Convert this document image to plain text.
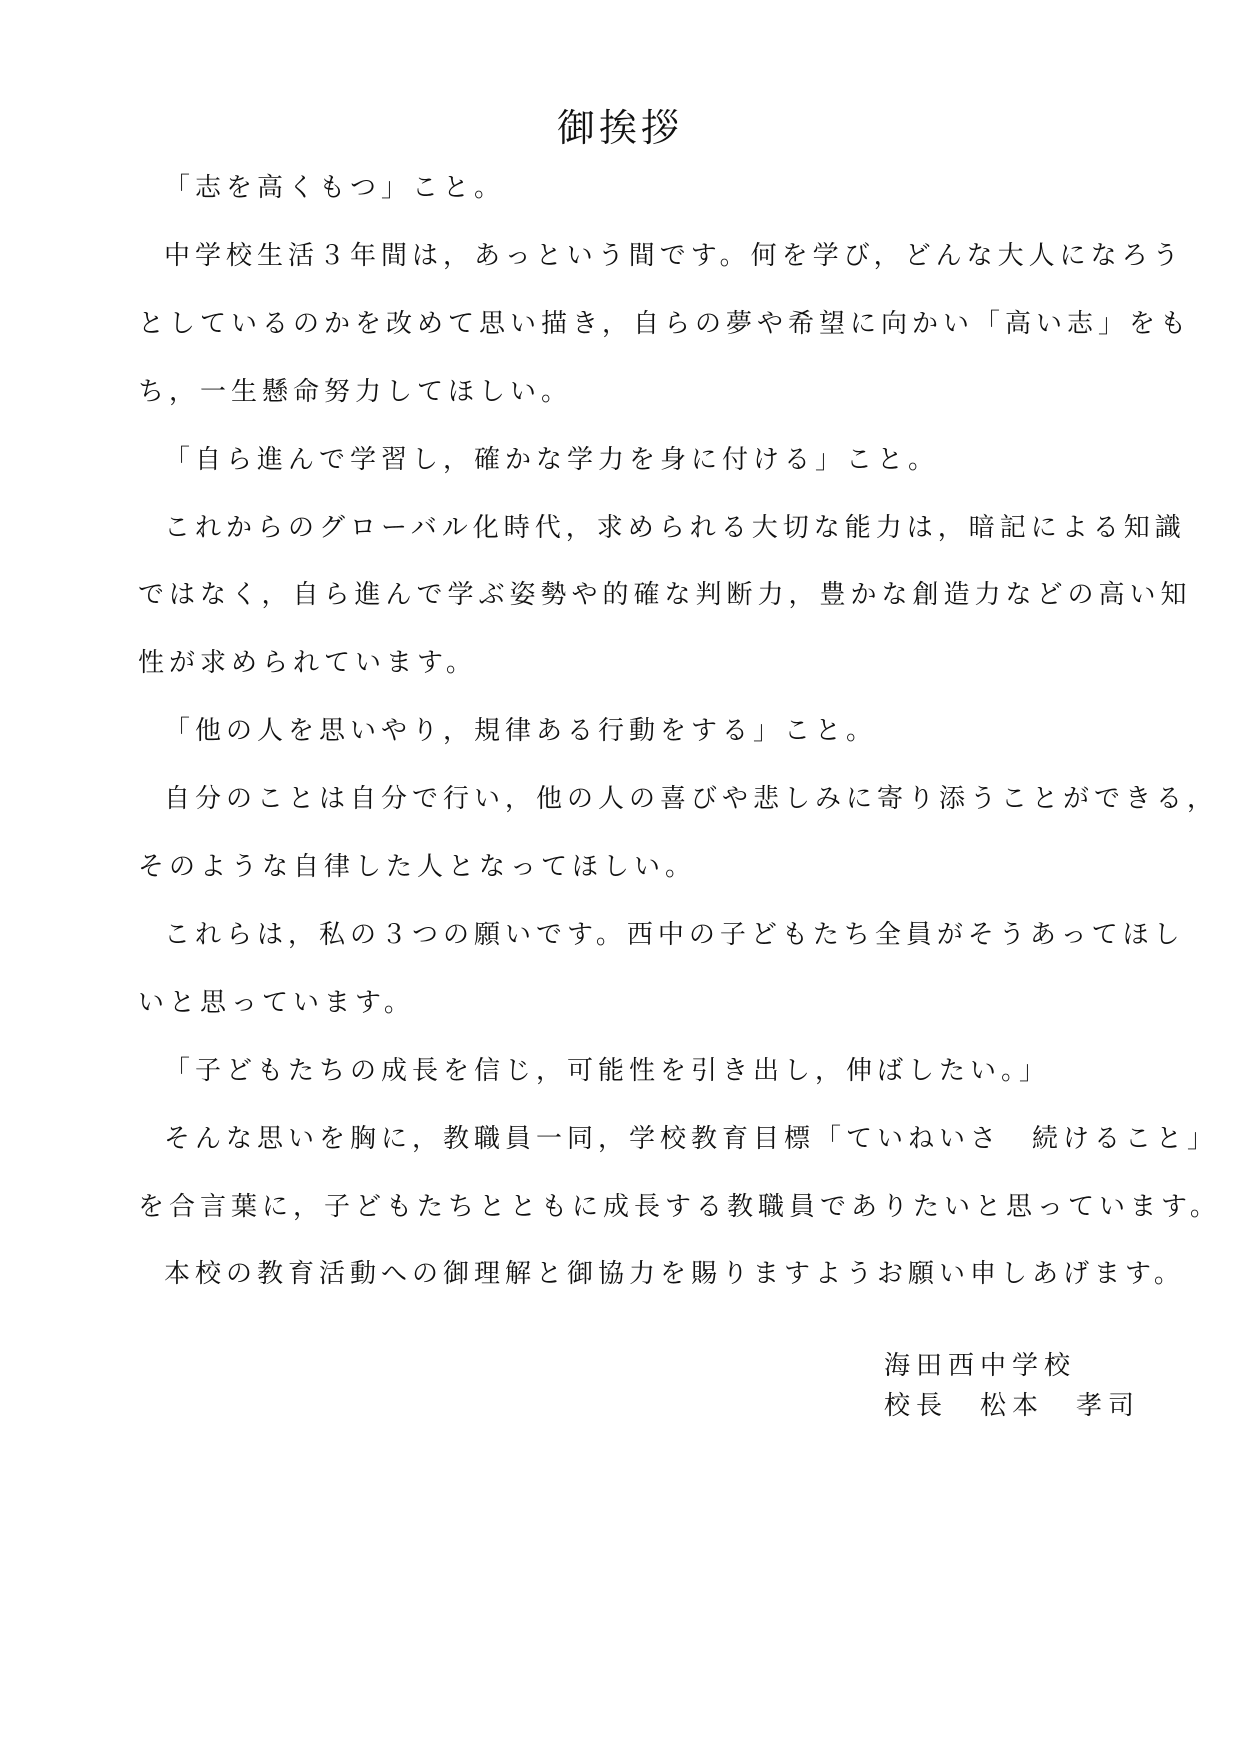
御挨拶
「志を高くもつ」こと。
中学校生活３年間は，あっという間です。何を学び，どんな大人になろう
としているのかを改めて思い描き，自らの夢や希望に向かい「高い志」をも
ち，一生懸命努力してほしい。
「自ら進んで学習し，確かな学力を身に付ける」こと。
これからのグローバル化時代，求められる大切な能力は，暗記による知識
ではなく，自ら進んで学ぶ姿勢や的確な判断力，豊かな創造力などの高い知
性が求められています。
「他の人を思いやり，規律ある行動をする」こと。
自分のことは自分で行い，他の人の喜びや悲しみに寄り添うことができる，
そのような自律した人となってほしい。
これらは，私の３つの願いです。西中の子どもたち全員がそうあってほし
いと思っています。
「子どもたちの成長を信じ，可能性を引き出し，伸ばしたい。」
そんな思いを胸に，教職員一同，学校教育目標「ていねいさ　続けること」
を合言葉に，子どもたちとともに成長する教職員でありたいと思っています。
本校の教育活動への御理解と御協力を賜りますようお願い申しあげます。
海田西中学校
校長　松本　孝司
